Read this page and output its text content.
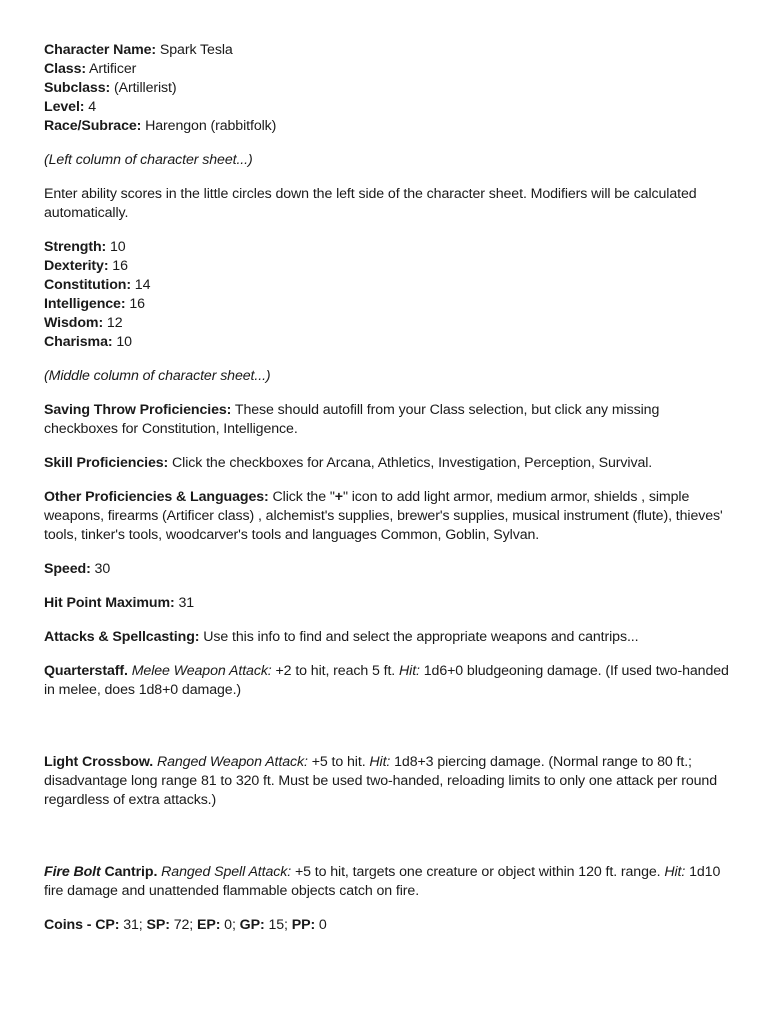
Character Name: Spark Tesla
Class: Artificer
Subclass: (Artillerist)
Level: 4
Race/Subrace: Harengon (rabbitfolk)

(Left column of character sheet...)

Enter ability scores in the little circles down the left side of the character sheet. Modifiers will be calculated automatically.

Strength: 10
Dexterity: 16
Constitution: 14
Intelligence: 16
Wisdom: 12
Charisma: 10

(Middle column of character sheet...)

Saving Throw Proficiencies: These should autofill from your Class selection, but click any missing checkboxes for Constitution, Intelligence.

Skill Proficiencies: Click the checkboxes for Arcana, Athletics, Investigation, Perception, Survival.

Other Proficiencies & Languages: Click the "+" icon to add light armor, medium armor, shields , simple weapons, firearms (Artificer class) , alchemist's supplies, brewer's supplies, musical instrument (flute), thieves' tools, tinker's tools, woodcarver's tools and languages Common, Goblin, Sylvan.

Speed: 30

Hit Point Maximum: 31

Attacks & Spellcasting: Use this info to find and select the appropriate weapons and cantrips...

Quarterstaff. Melee Weapon Attack: +2 to hit, reach 5 ft. Hit: 1d6+0 bludgeoning damage. (If used two-handed in melee, does 1d8+0 damage.)

Light Crossbow. Ranged Weapon Attack: +5 to hit. Hit: 1d8+3 piercing damage. (Normal range to 80 ft.; disadvantage long range 81 to 320 ft. Must be used two-handed, reloading limits to only one attack per round regardless of extra attacks.)

Fire Bolt Cantrip. Ranged Spell Attack: +5 to hit, targets one creature or object within 120 ft. range. Hit: 1d10 fire damage and unattended flammable objects catch on fire.

Coins - CP: 31; SP: 72; EP: 0; GP: 15; PP: 0
